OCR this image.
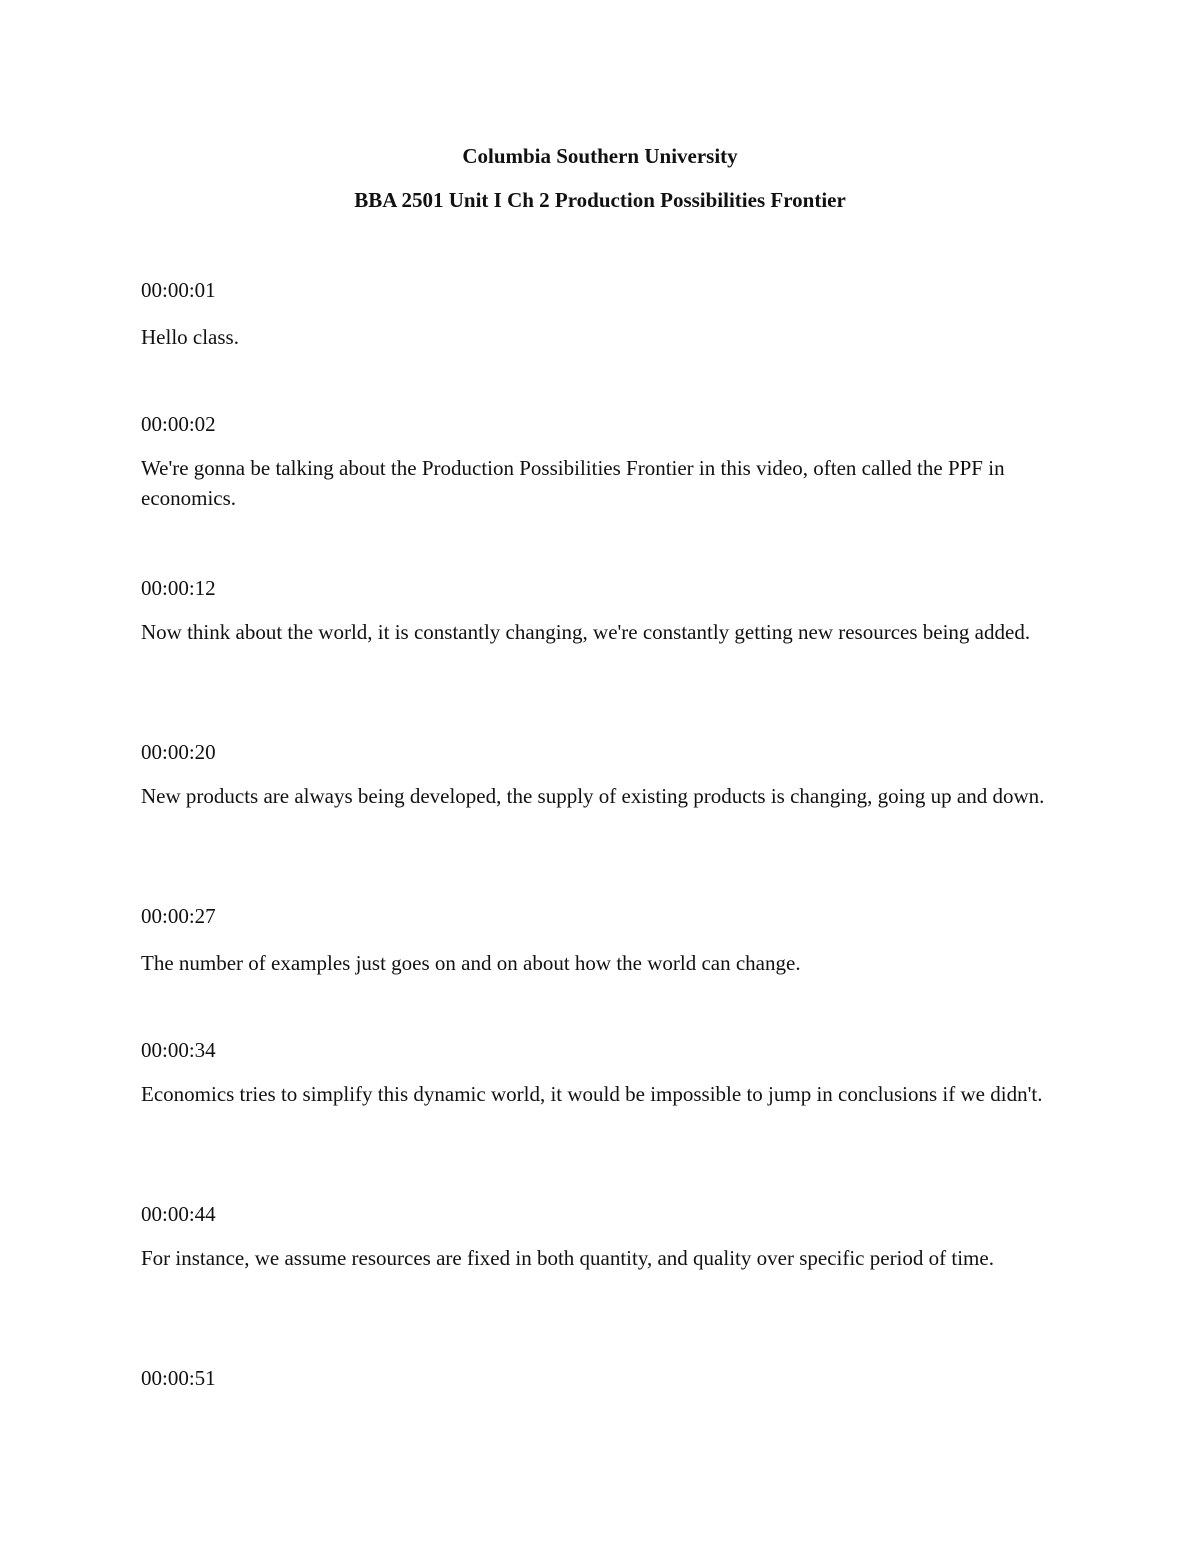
Columbia Southern University
BBA 2501 Unit I Ch 2 Production Possibilities Frontier

00:00:01

Hello class.

00:00:02

We're gonna be talking about the Production Possibilities Frontier in this video, often called the PPF in economics.

00:00:12

Now think about the world, it is constantly changing, we're constantly getting new resources being added.

00:00:20

New products are always being developed, the supply of existing products is changing, going up and down.

00:00:27

The number of examples just goes on and on about how the world can change.

00:00:34

Economics tries to simplify this dynamic world, it would be impossible to jump in conclusions if we didn't.

00:00:44

For instance, we assume resources are fixed in both quantity, and quality over specific period of time.

00:00:51
